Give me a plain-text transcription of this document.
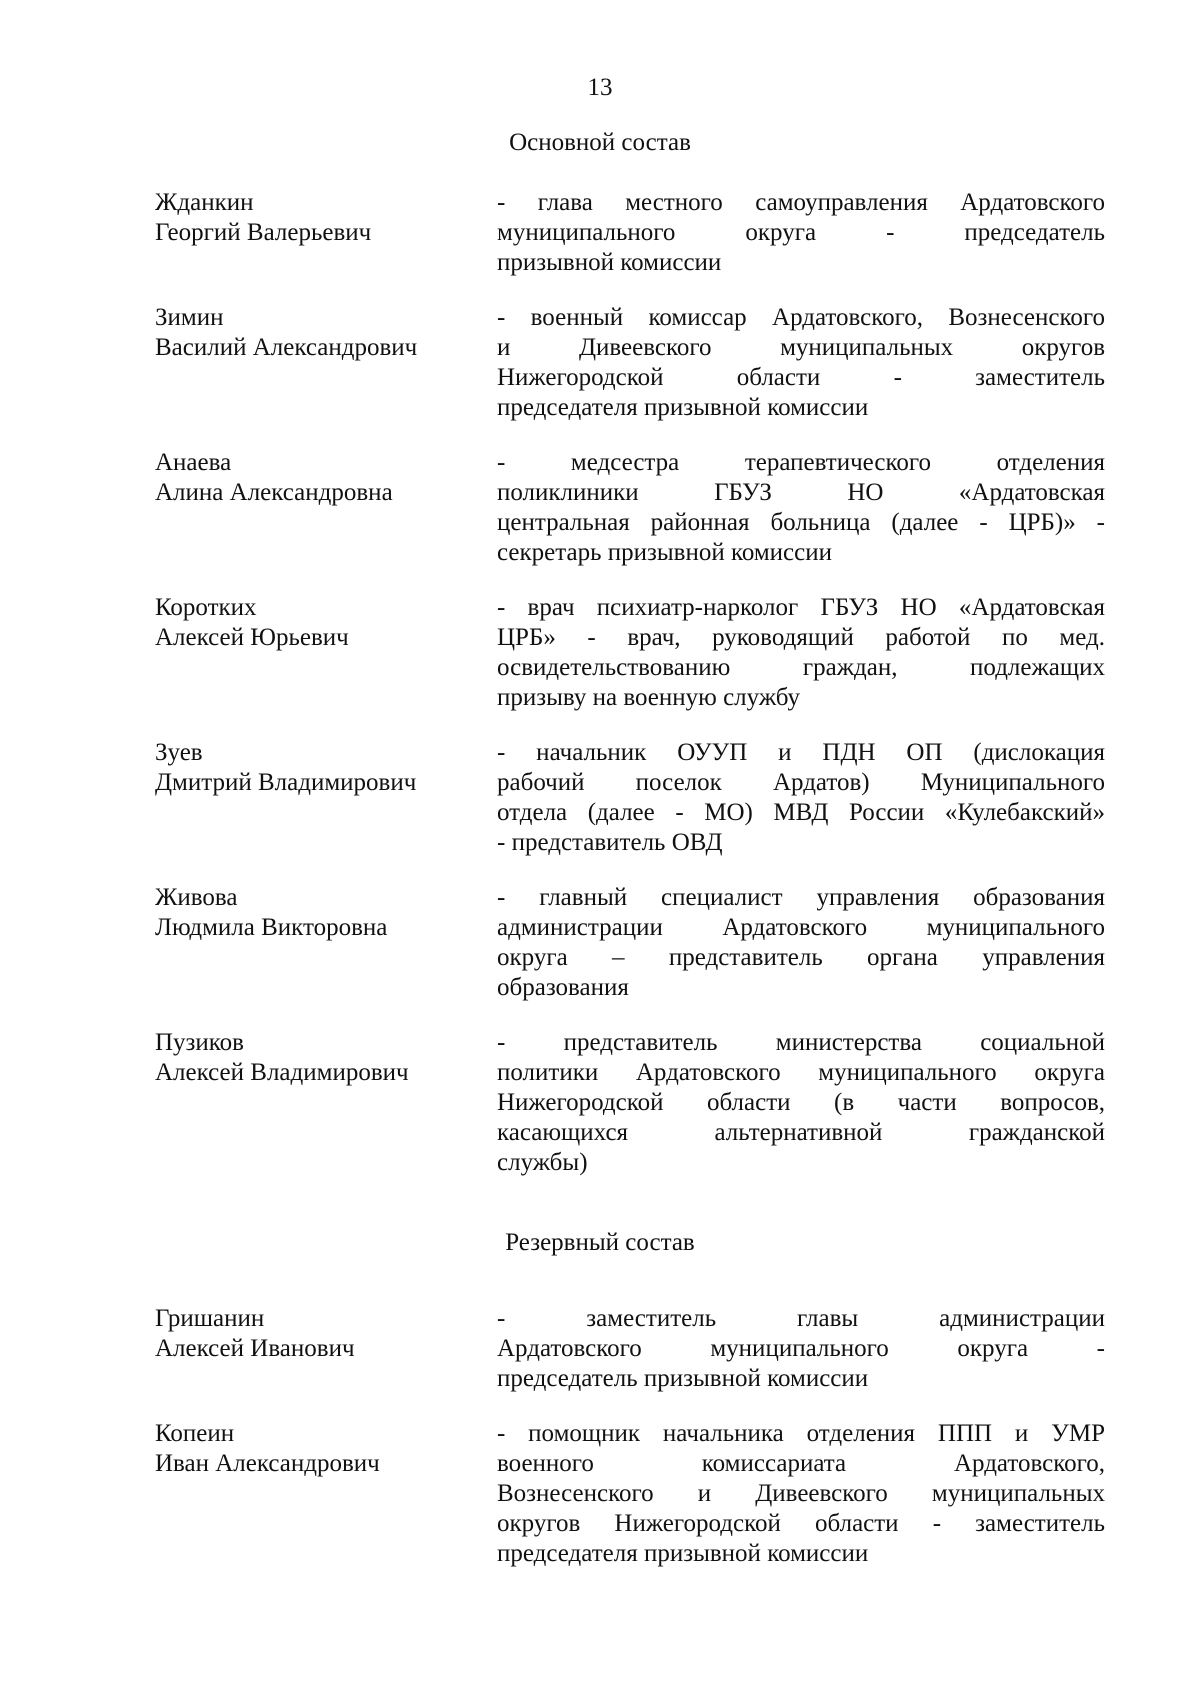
13
Основной состав
Жданкин
Георгий Валерьевич
- глава местного самоуправления Ардатовского
муниципального округа - председатель
призывной комиссии
Зимин
Василий Александрович
- военный комиссар Ардатовского, Вознесенского
и Дивеевского муниципальных округов
Нижегородской области - заместитель
председателя призывной комиссии
Анаева
Алина Александровна
- медсестра терапевтического отделения
поликлиники ГБУЗ НО «Ардатовская
центральная районная больница (далее - ЦРБ)» -
секретарь призывной комиссии
Коротких
Алексей Юрьевич
- врач психиатр-нарколог ГБУЗ НО «Ардатовская
ЦРБ» - врач, руководящий работой по мед.
освидетельствованию граждан, подлежащих
призыву на военную службу
Зуев
Дмитрий Владимирович
- начальник ОУУП и ПДН ОП (дислокация
рабочий поселок Ардатов) Муниципального
отдела (далее - МО) МВД России «Кулебакский»
- представитель ОВД
Живова
Людмила Викторовна
- главный специалист управления образования
администрации Ардатовского муниципального
округа – представитель органа управления
образования
Пузиков
Алексей Владимирович
- представитель министерства социальной
политики Ардатовского муниципального округа
Нижегородской области (в части вопросов,
касающихся альтернативной гражданской
службы)
Резервный состав
Гришанин
Алексей Иванович
- заместитель главы администрации
Ардатовского муниципального округа -
председатель призывной комиссии
Копеин
Иван Александрович
- помощник начальника отделения ППП и УМР
военного комиссариата Ардатовского,
Вознесенского и Дивеевского муниципальных
округов Нижегородской области - заместитель
председателя призывной комиссии
